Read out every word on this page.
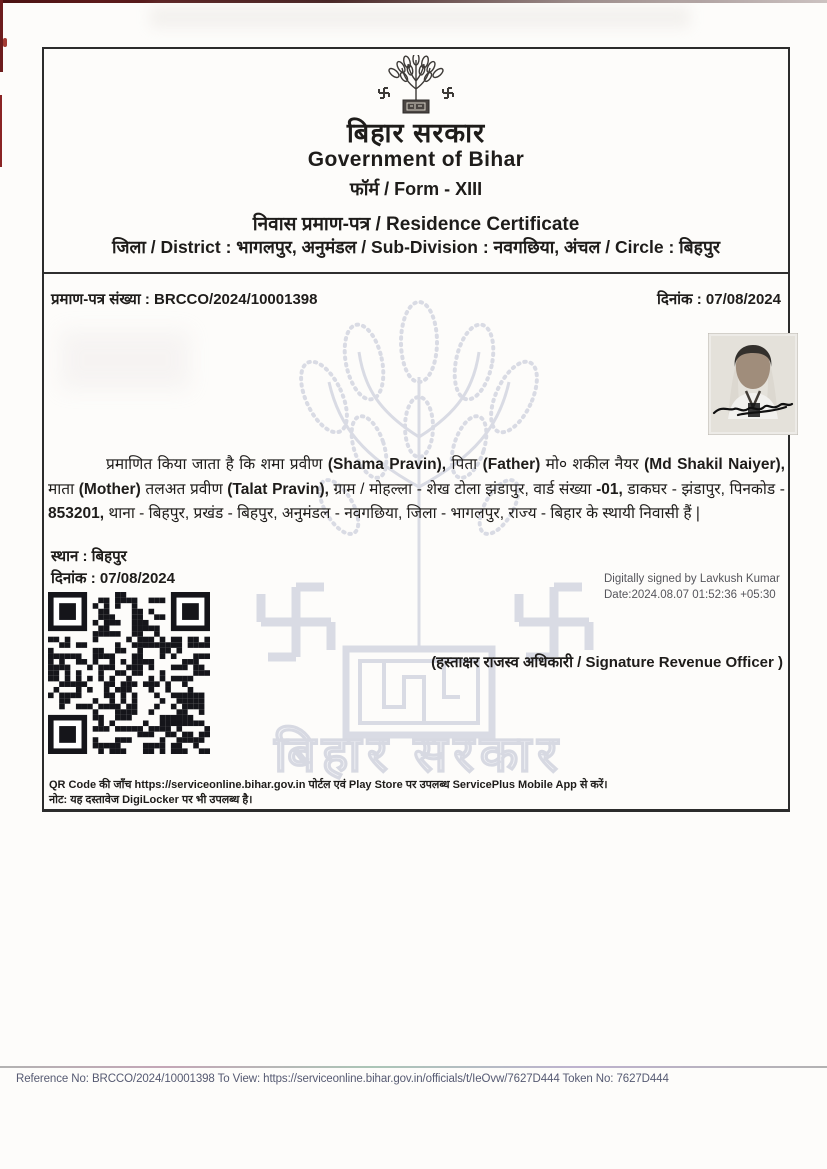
बिहार सरकार
बिहार सरकार
Government of Bihar
फॉर्म / Form - XIII
निवास प्रमाण-पत्र / Residence Certificate
जिला / District : भागलपुर, अनुमंडल / Sub-Division : नवगछिया, अंचल / Circle : बिहपुर
प्रमाण-पत्र संख्या : BRCCO/2024/10001398	दिनांक : 07/08/2024

प्रमाणित किया जाता है कि शमा प्रवीण (Shama Pravin), पिता (Father) मो० शकील नैयर (Md Shakil Naiyer), माता (Mother) तलअत प्रवीण (Talat Pravin), ग्राम / मोहल्ला - शेख टोला झंडापुर, वार्ड संख्या -01, डाकघर - झंडापुर, पिनकोड - 853201, थाना - बिहपुर, प्रखंड - बिहपुर, अनुमंडल - नवगछिया, जिला - भागलपुर, राज्य - बिहार के स्थायी निवासी हैं |

स्थान : बिहपुर
दिनांक : 07/08/2024	Digitally signed by Lavkush Kumar
Date:2024.08.07 01:52:36 +05:30
(हस्ताक्षर राजस्व अधिकारी / Signature Revenue Officer )
QR Code की जाँच https://serviceonline.bihar.gov.in पोर्टल एवं Play Store पर उपलब्ध ServicePlus Mobile App से करें।
नोट: यह दस्तावेज DigiLocker पर भी उपलब्ध है।
Reference No: BRCCO/2024/10001398 To View: https://serviceonline.bihar.gov.in/officials/t/IeOvw/7627D444 Token No: 7627D444
